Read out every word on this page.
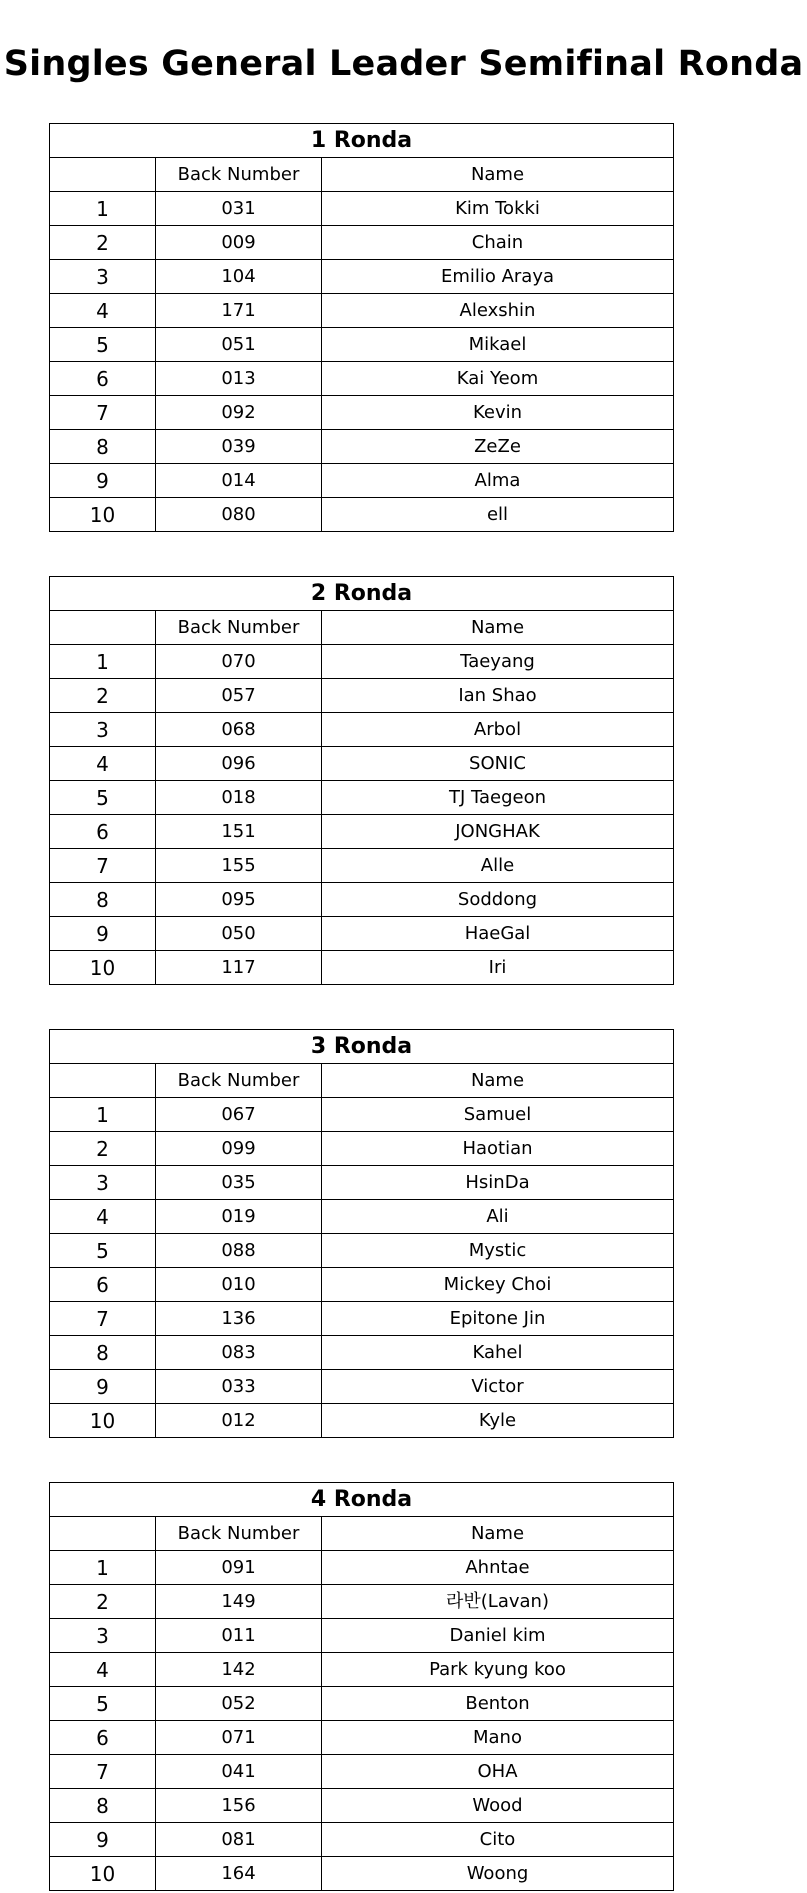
Singles General Leader Semifinal Ronda
1 Ronda		
	Back Number	Name
1	031	Kim Tokki
2	009	Chain
3	104	Emilio Araya
4	171	Alexshin
5	051	Mikael
6	013	Kai Yeom
7	092	Kevin
8	039	ZeZe
9	014	Alma
10	080	ell
2 Ronda		
	Back Number	Name
1	070	Taeyang
2	057	Ian Shao
3	068	Arbol
4	096	SONIC
5	018	TJ Taegeon
6	151	JONGHAK
7	155	Alle
8	095	Soddong
9	050	HaeGal
10	117	Iri
3 Ronda		
	Back Number	Name
1	067	Samuel
2	099	Haotian
3	035	HsinDa
4	019	Ali
5	088	Mystic
6	010	Mickey Choi
7	136	Epitone Jin
8	083	Kahel
9	033	Victor
10	012	Kyle
4 Ronda		
	Back Number	Name
1	091	Ahntae
2	149	라반(Lavan)
3	011	Daniel kim
4	142	Park kyung koo
5	052	Benton
6	071	Mano
7	041	OHA
8	156	Wood
9	081	Cito
10	164	Woong
